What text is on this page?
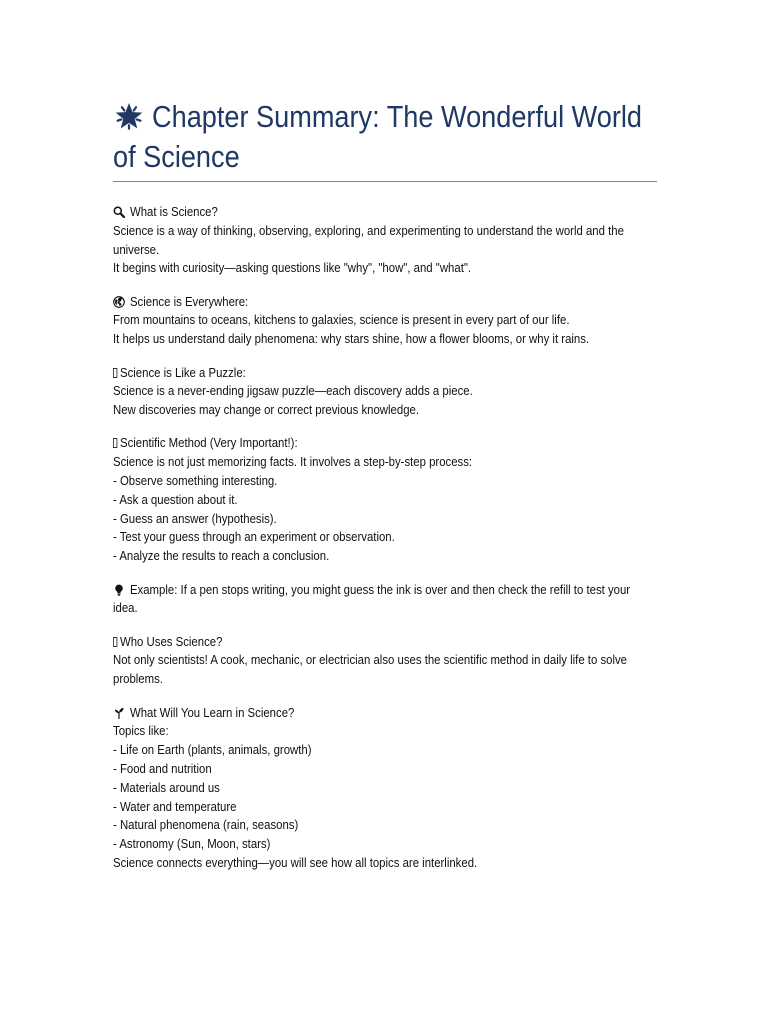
Chapter Summary: The Wonderful World
of Science
What is Science?
Science is a way of thinking, observing, exploring, and experimenting to understand the world and the
universe.
It begins with curiosity—asking questions like "why", "how", and "what".
Science is Everywhere:
From mountains to oceans, kitchens to galaxies, science is present in every part of our life.
It helps us understand daily phenomena: why stars shine, how a flower blooms, or why it rains.
Science is Like a Puzzle:
Science is a never-ending jigsaw puzzle—each discovery adds a piece.
New discoveries may change or correct previous knowledge.
Scientific Method (Very Important!):
Science is not just memorizing facts. It involves a step-by-step process:
- Observe something interesting.
- Ask a question about it.
- Guess an answer (hypothesis).
- Test your guess through an experiment or observation.
- Analyze the results to reach a conclusion.
Example: If a pen stops writing, you might guess the ink is over and then check the refill to test your
idea.
Who Uses Science?
Not only scientists! A cook, mechanic, or electrician also uses the scientific method in daily life to solve
problems.
What Will You Learn in Science?
Topics like:
- Life on Earth (plants, animals, growth)
- Food and nutrition
- Materials around us
- Water and temperature
- Natural phenomena (rain, seasons)
- Astronomy (Sun, Moon, stars)
Science connects everything—you will see how all topics are interlinked.
